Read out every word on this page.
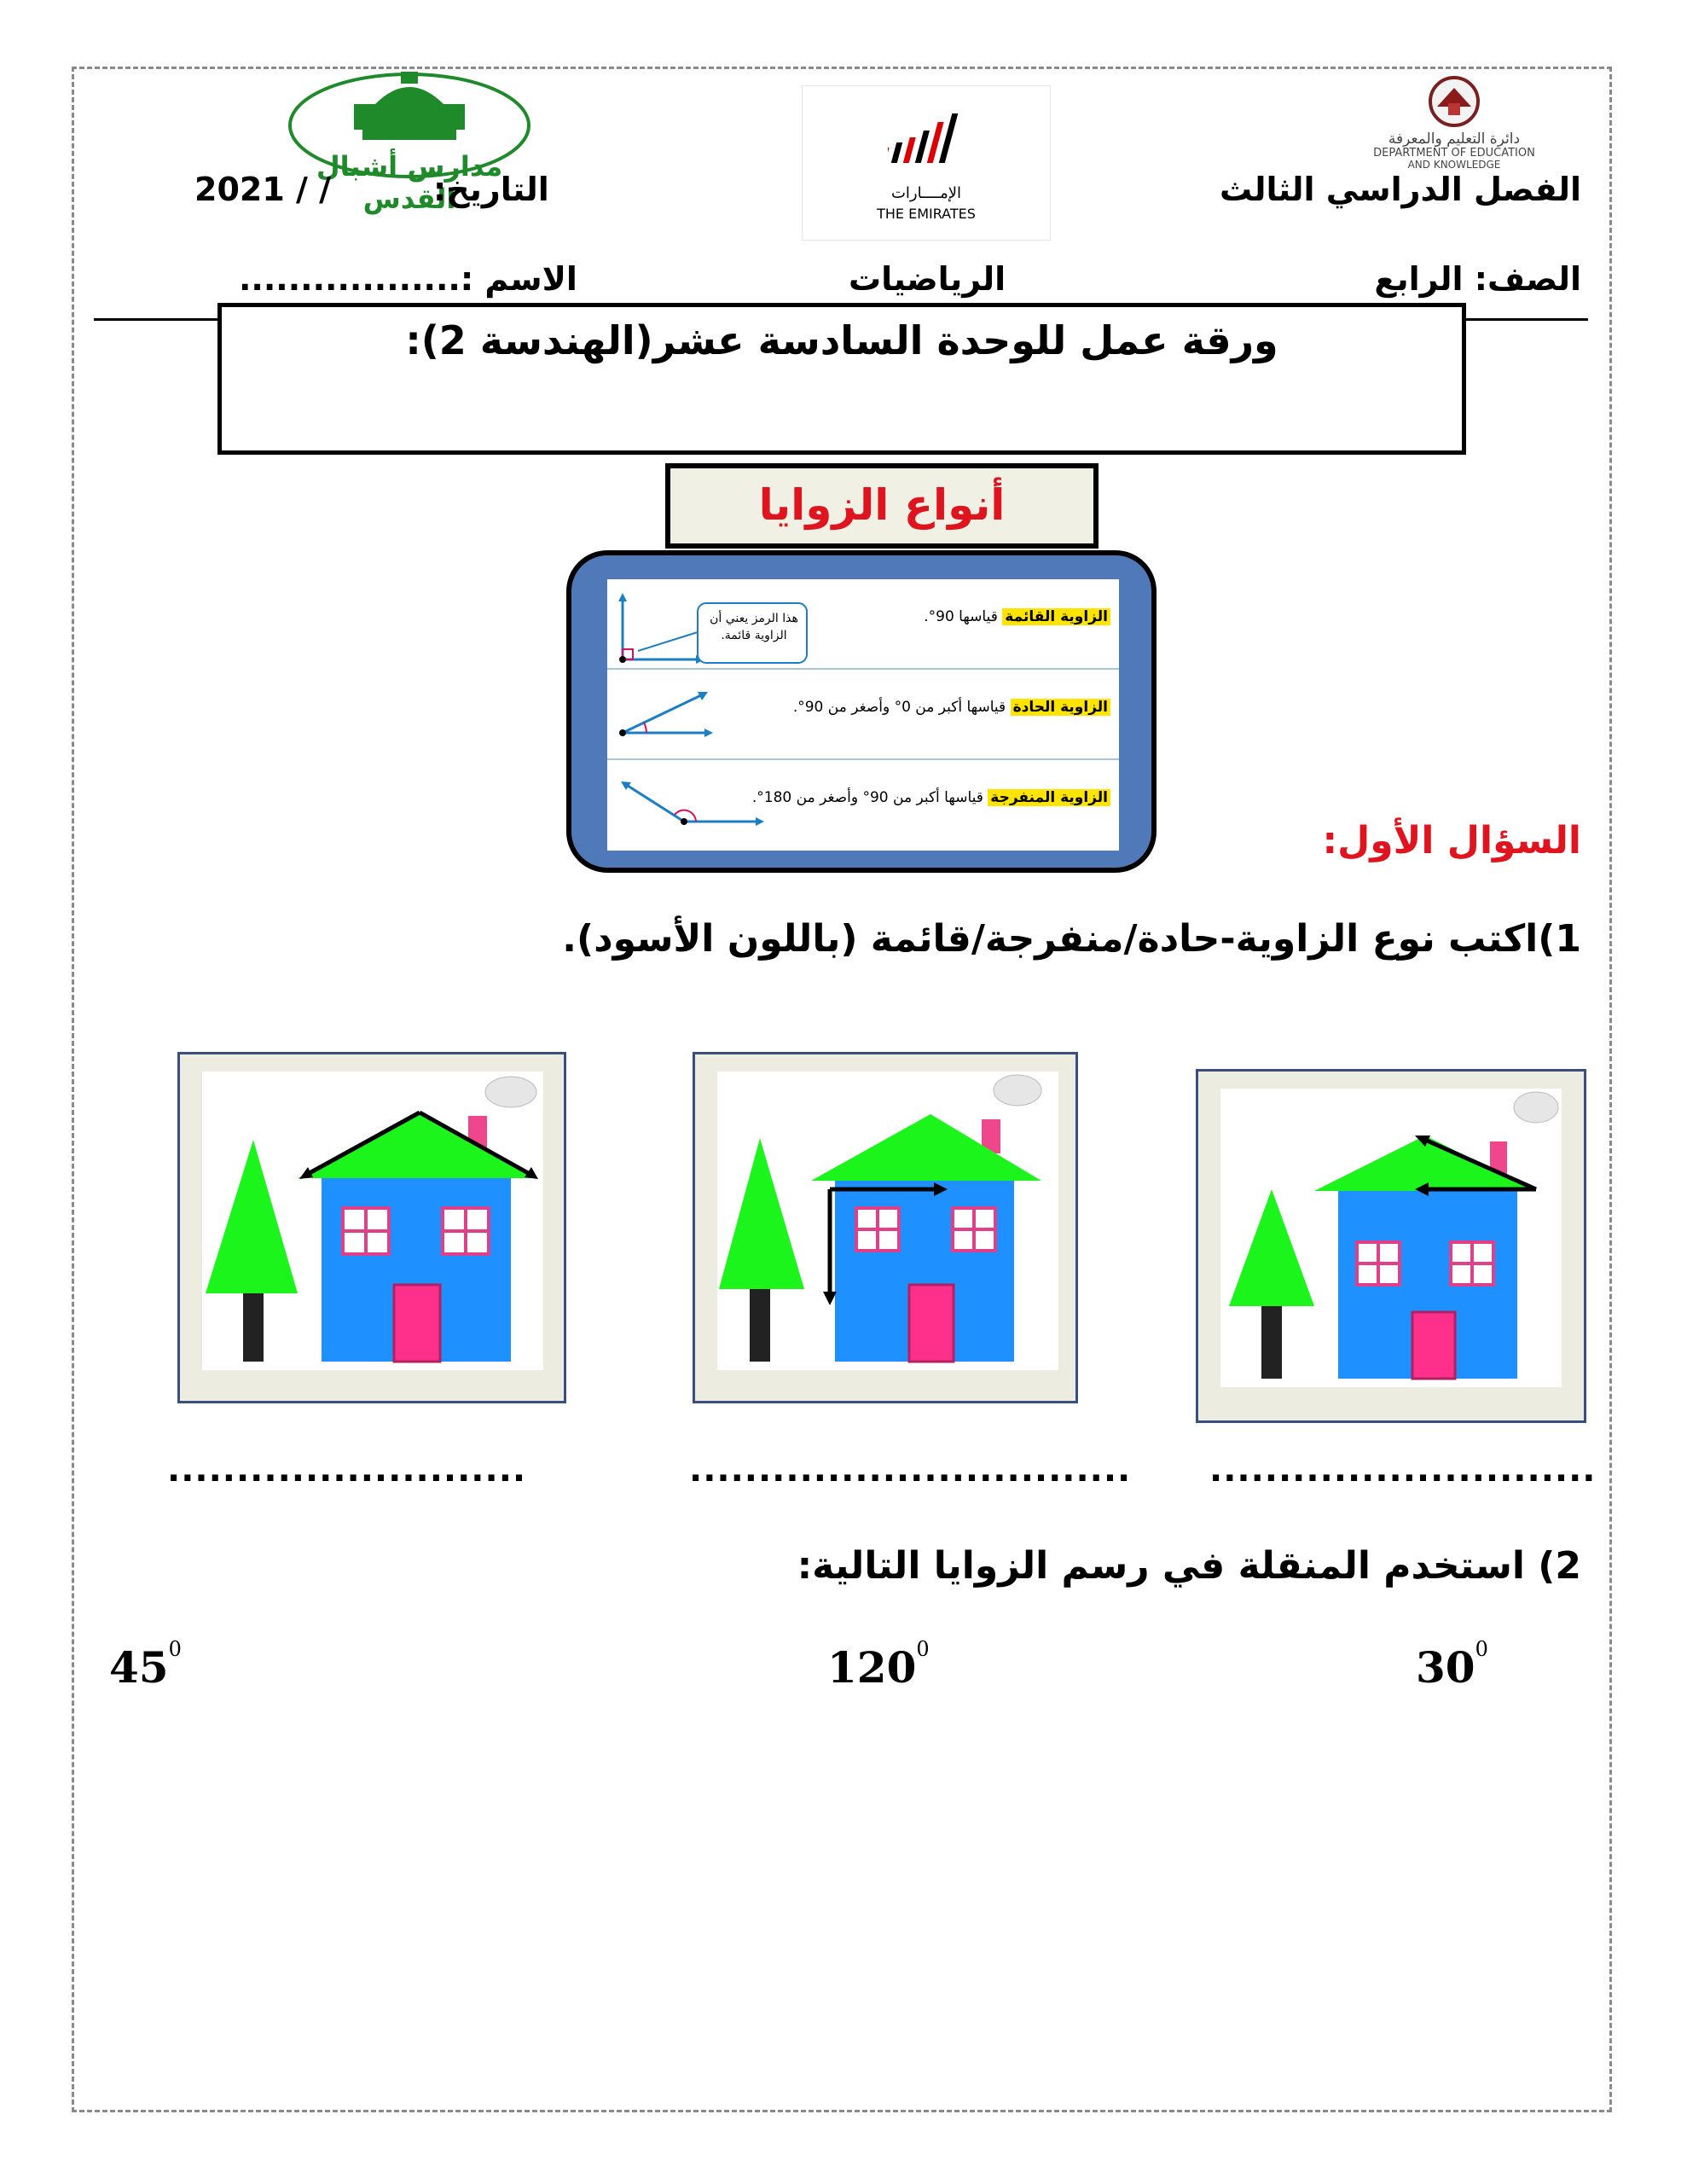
دائرة التعليم والمعرفة
DEPARTMENT OF EDUCATION
AND KNOWLEDGE
الإمــــارات
THE EMIRATES
مدارس أشبال القدس	الفصل الدراسي الثالث
التاريخ:
2021 / /
الصف: الرابع
الرياضيات
الاسم :
...................
ورقة عمل للوحدة السادسة عشر(الهندسة 2):
أنواع الزوايا
الزاوية القائمة قياسها 90°.
هذا الرمز يعني أن الزاوية قائمة.
الزاوية الحادة قياسها أكبر من 0° وأصغر من 90°.
الزاوية المنفرجة قياسها أكبر من 90° وأصغر من 180°.
السؤال الأول:
1)اكتب نوع الزاوية-حادة/منفرجة/قائمة (باللون الأسود).
............................
................................
..........................
2) استخدم المنقلة في رسم الزوايا التالية:
$30^0$
$120^0$
$45^0$
